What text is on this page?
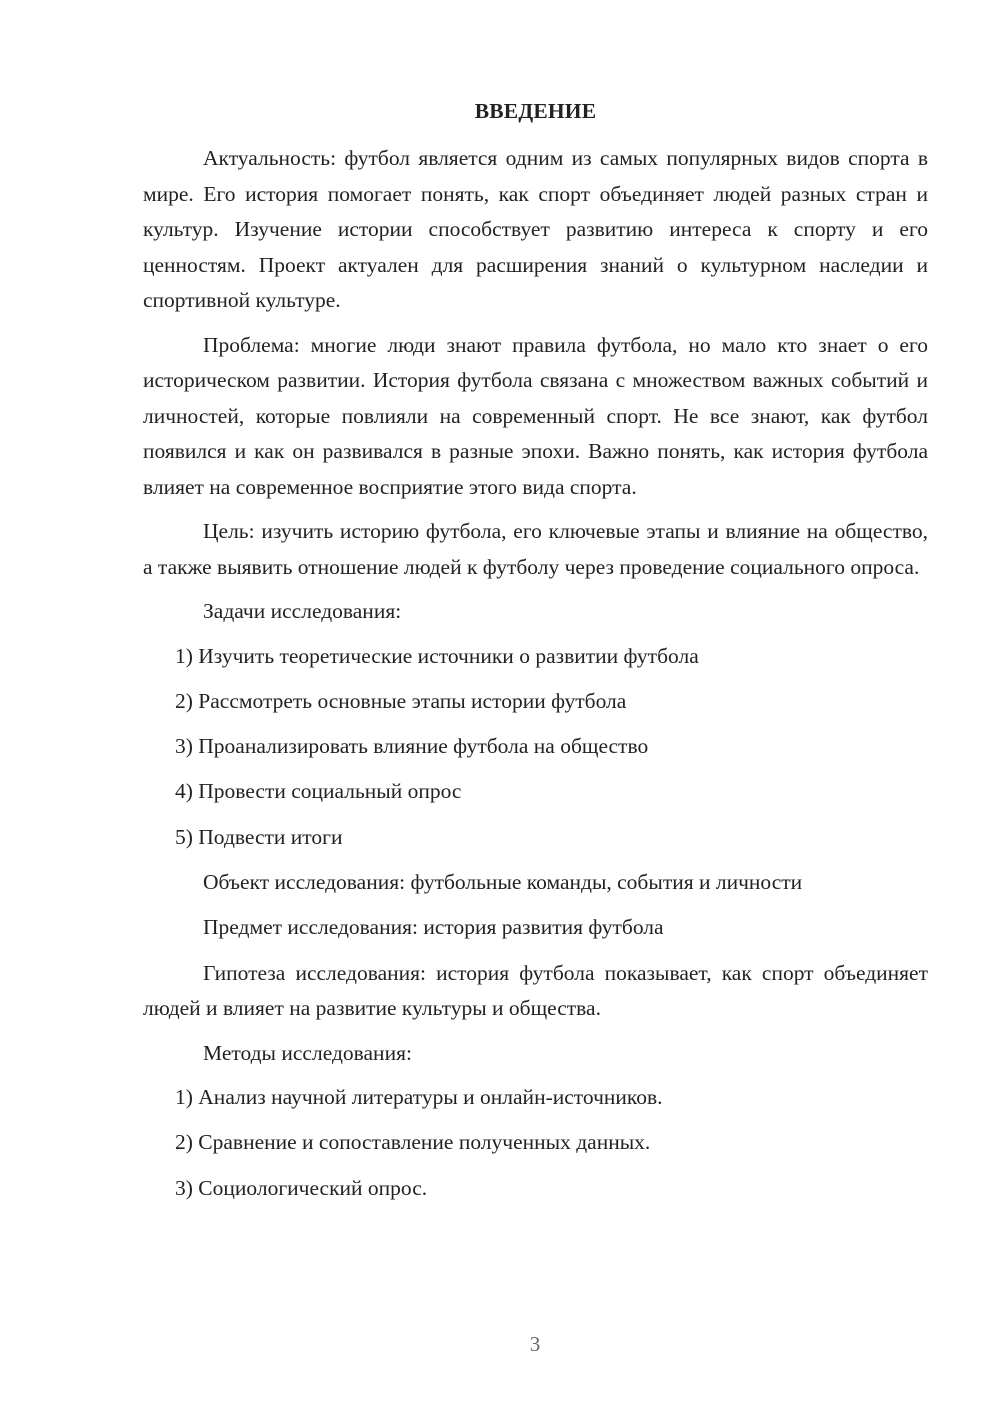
ВВЕДЕНИЕ

Актуальность: футбол является одним из самых популярных видов спорта в мире. Его история помогает понять, как спорт объединяет людей разных стран и культур. Изучение истории способствует развитию интереса к спорту и его ценностям. Проект актуален для расширения знаний о культурном наследии и спортивной культуре.

Проблема: многие люди знают правила футбола, но мало кто знает о его историческом развитии. История футбола связана с множеством важных событий и личностей, которые повлияли на современный спорт. Не все знают, как футбол появился и как он развивался в разные эпохи. Важно понять, как история футбола влияет на современное восприятие этого вида спорта.

Цель: изучить историю футбола, его ключевые этапы и влияние на общество, а также выявить отношение людей к футболу через проведение социального опроса.

Задачи исследования:

1) Изучить теоретические источники о развитии футбола

2) Рассмотреть основные этапы истории футбола

3) Проанализировать влияние футбола на общество

4) Провести социальный опрос

5) Подвести итоги

Объект исследования: футбольные команды, события и личности

Предмет исследования: история развития футбола

Гипотеза исследования: история футбола показывает, как спорт объединяет людей и влияет на развитие культуры и общества.

Методы исследования:

1) Анализ научной литературы и онлайн-источников.

2) Сравнение и сопоставление полученных данных.

3) Социологический опрос.

3
